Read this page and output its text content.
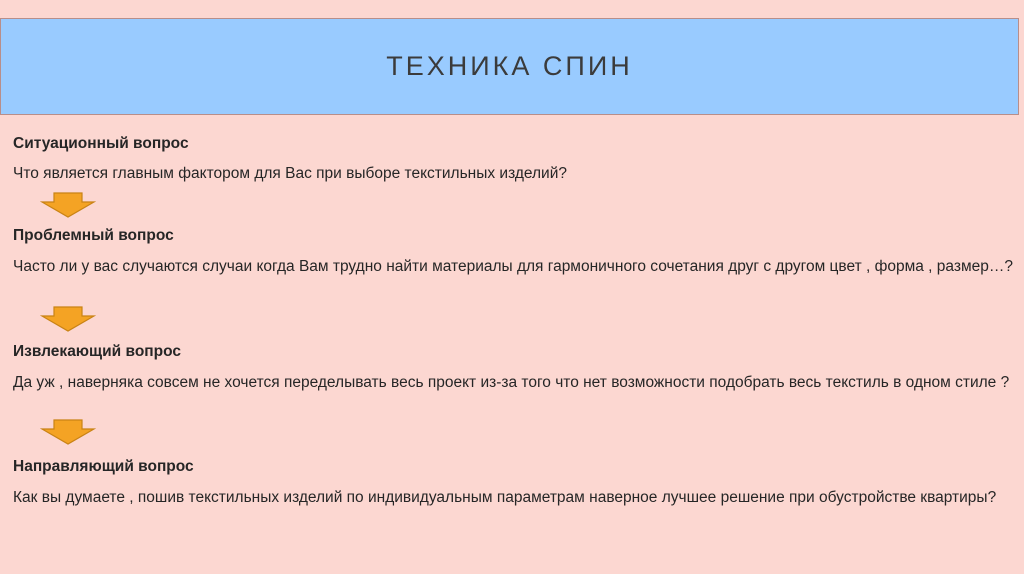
ТЕХНИКА СПИН

Ситуационный вопрос

Что является главным фактором для Вас при выборе текстильных изделий?

Проблемный вопрос

Часто ли у вас случаются случаи когда Вам трудно найти материалы для гармоничного сочетания друг с другом цвет , форма , размер…?

Извлекающий вопрос

Да уж , наверняка совсем не хочется переделывать весь проект из-за того что нет возможности подобрать весь текстиль в одном стиле ?

Направляющий вопрос

Как вы думаете , пошив текстильных изделий по индивидуальным параметрам наверное лучшее решение при обустройстве квартиры?
